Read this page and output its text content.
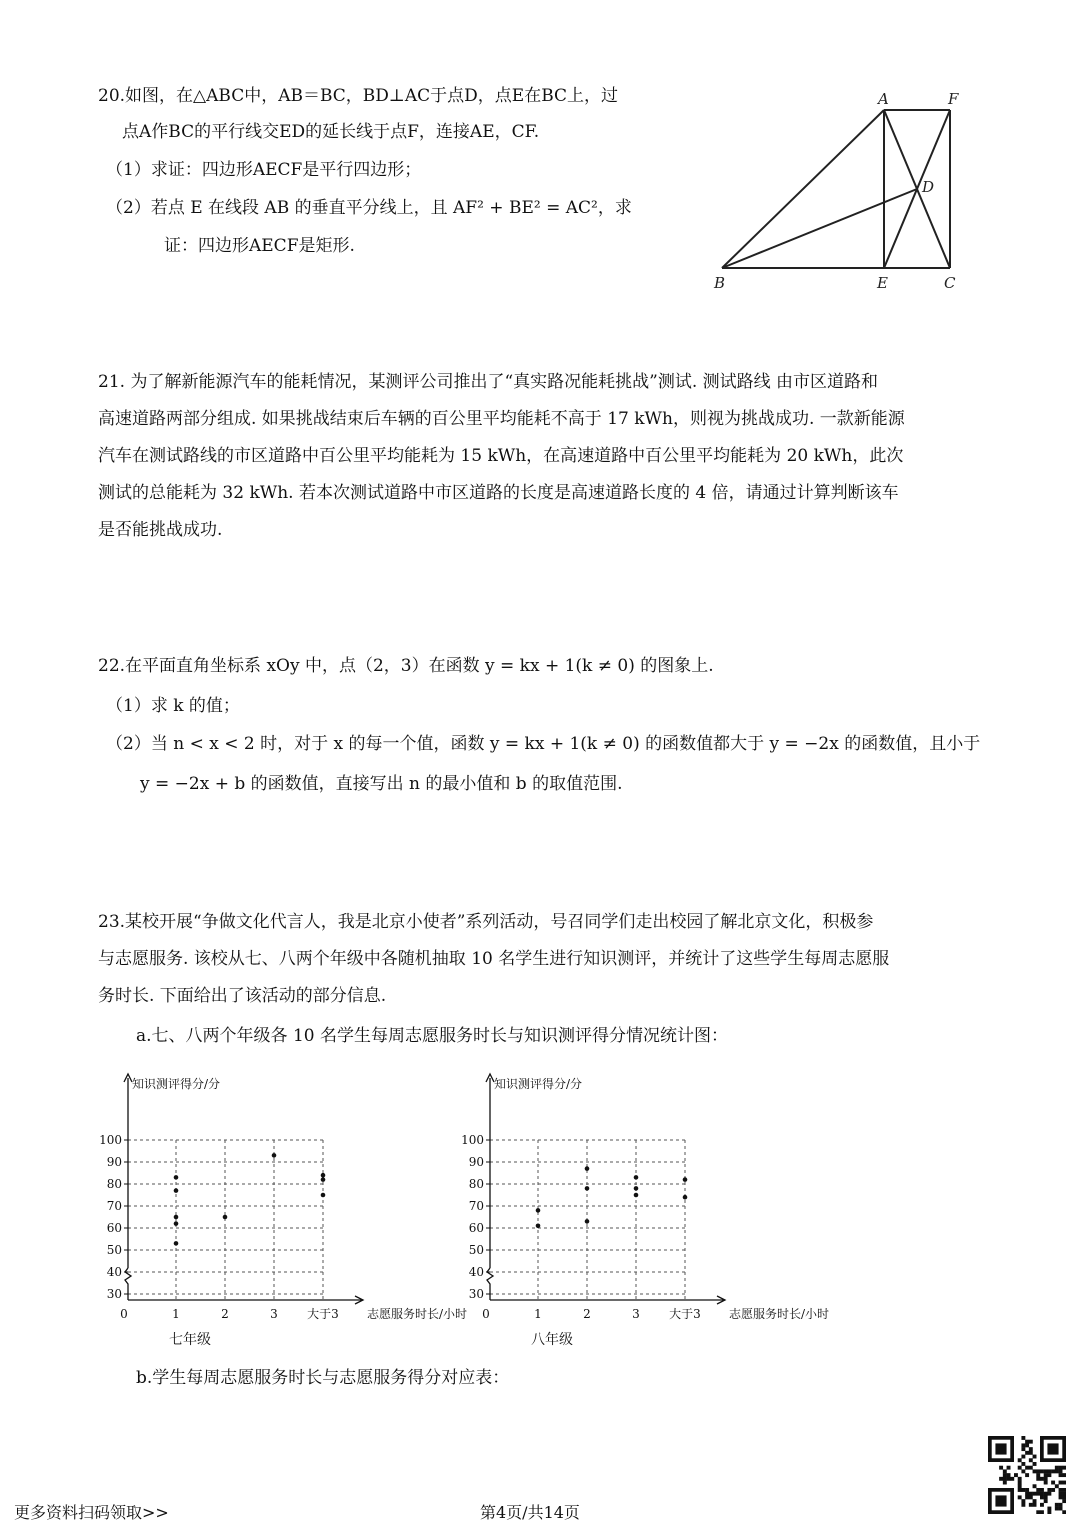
20.如图，在△ABC中，AB＝BC，BD⊥AC于点D，点E在BC上，过
点A作BC的平行线交ED的延长线于点F，连接AE，CF.
（1）求证：四边形AECF是平行四边形；
（2）若点 E 在线段 AB 的垂直平分线上，且 AF² + BE² = AC²，求
证：四边形AECF是矩形.
A	F
D
B	E	C
21. 为了解新能源汽车的能耗情况，某测评公司推出了“真实路况能耗挑战”测试. 测试路线 由市区道路和
高速道路两部分组成. 如果挑战结束后车辆的百公里平均能耗不高于 17 kWh，则视为挑战成功. 一款新能源
汽车在测试路线的市区道路中百公里平均能耗为 15 kWh，在高速道路中百公里平均能耗为 20 kWh，此次
测试的总能耗为 32 kWh. 若本次测试道路中市区道路的长度是高速道路长度的 4 倍，请通过计算判断该车
是否能挑战成功.
22.在平面直角坐标系 xOy 中，点（2，3）在函数 y = kx + 1(k ≠ 0) 的图象上.
（1）求 k 的值；
（2）当 n < x < 2 时，对于 x 的每一个值，函数 y = kx + 1(k ≠ 0) 的函数值都大于 y = −2x 的函数值，且小于
y = −2x + b 的函数值，直接写出 n 的最小值和 b 的取值范围.
23.某校开展“争做文化代言人，我是北京小使者”系列活动，号召同学们走出校园了解北京文化，积极参
与志愿服务. 该校从七、八两个年级中各随机抽取 10 名学生进行知识测评，并统计了这些学生每周志愿服
务时长. 下面给出了该活动的部分信息.
a.七、八两个年级各 10 名学生每周志愿服务时长与知识测评得分情况统计图：
30
40
50
60
70
80
90
100
0	1	2	3 大于3
知识测评得分/分
志愿服务时长/小时
七年级
30
40
50
60
70
80
90
100
0	1	2	3 大于3
知识测评得分/分
志愿服务时长/小时
八年级
b.学生每周志愿服务时长与志愿服务得分对应表：
更多资料扫码领取>>	第4页/共14页
